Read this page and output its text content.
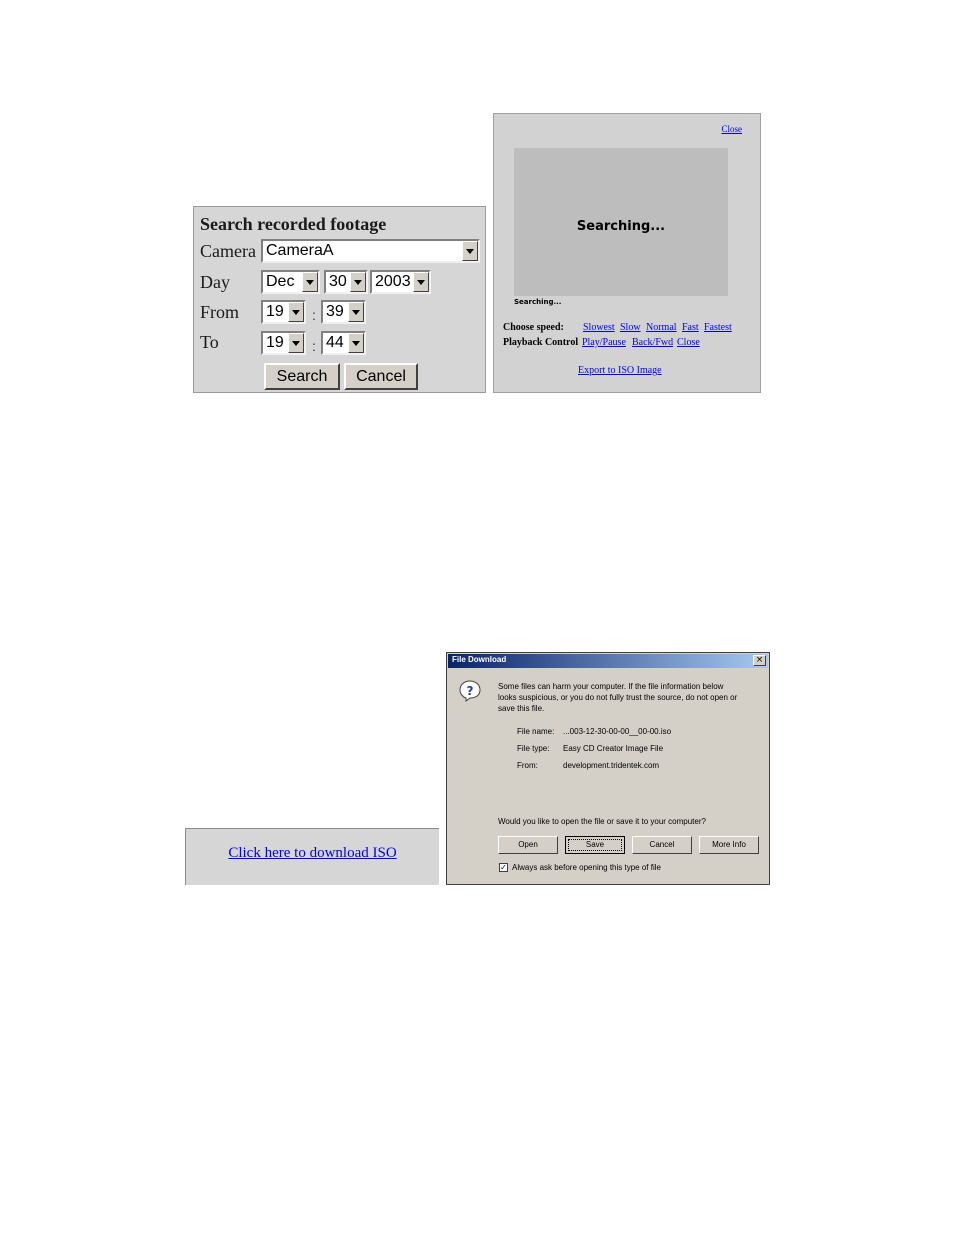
Search recorded footage
Camera CameraA
Day Dec 30 2003
From 19 : 39
To	19 : 44
Search	Cancel
Close
Searching...
Searching...
Choose speed: Slowest Slow Normal Fast Fastest
Playback Control Play/Pause Back/Fwd Close
Export to ISO Image
Click here to download ISO
File Download	×
?	Some files can harm your computer. If the file information below
looks suspicious, or you do not fully trust the source, do not open or
save this file.
File name: ...003-12-30-00-00__00-00.iso
File type: Easy CD Creator Image File
From:	development.tridentek.com
Would you like to open the file or save it to your computer?
Open	Save	Cancel	More Info
✓ Always ask before opening this type of file
